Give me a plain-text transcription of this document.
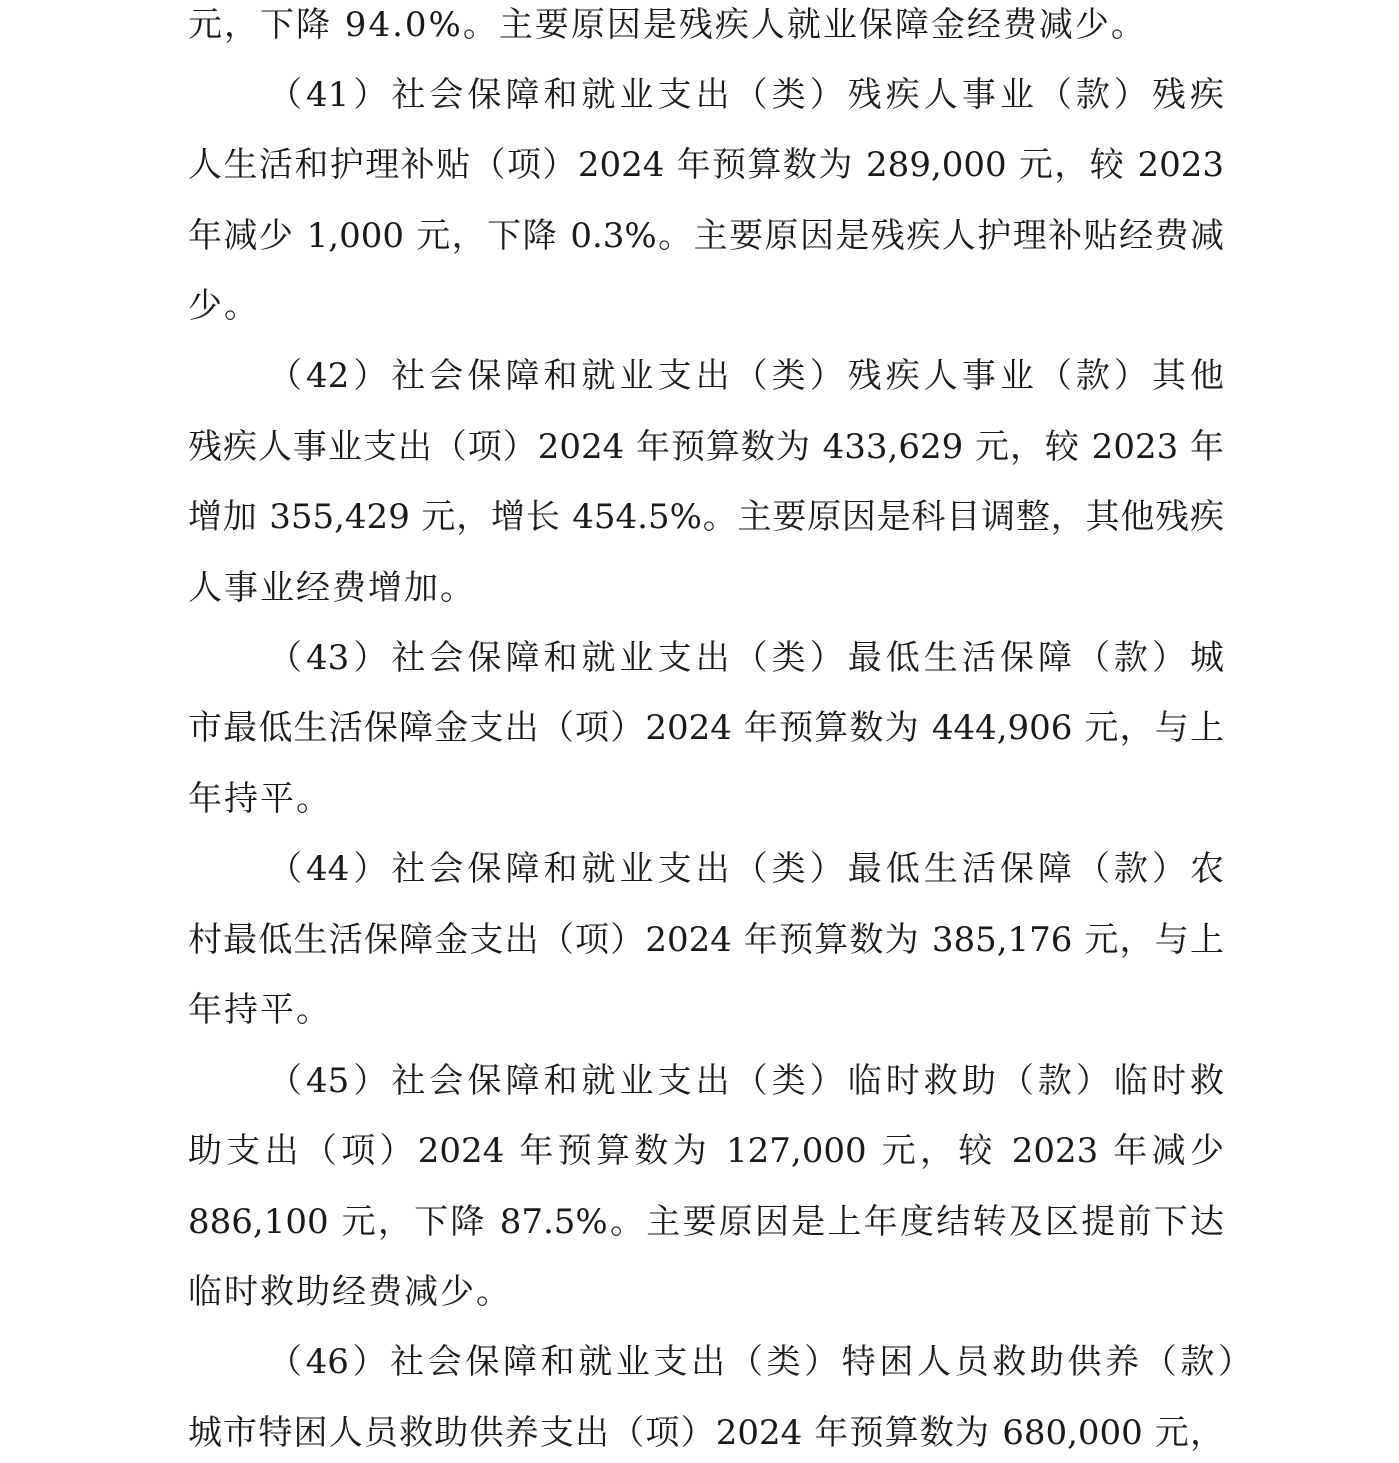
元，下降 94.0%。主要原因是残疾人就业保障金经费减少。
（41）社会保障和就业支出（类）残疾人事业（款）残疾
人生活和护理补贴（项）2024 年预算数为 289,000 元，较 2023
年减少 1,000 元，下降 0.3%。主要原因是残疾人护理补贴经费减
少。
（42）社会保障和就业支出（类）残疾人事业（款）其他
残疾人事业支出（项）2024 年预算数为 433,629 元，较 2023 年
增加 355,429 元，增长 454.5%。主要原因是科目调整，其他残疾
人事业经费增加。
（43）社会保障和就业支出（类）最低生活保障（款）城
市最低生活保障金支出（项）2024 年预算数为 444,906 元，与上
年持平。
（44）社会保障和就业支出（类）最低生活保障（款）农
村最低生活保障金支出（项）2024 年预算数为 385,176 元，与上
年持平。
（45）社会保障和就业支出（类）临时救助（款）临时救
助支出（项）2024 年预算数为 127,000 元，较 2023 年减少
886,100 元，下降 87.5%。主要原因是上年度结转及区提前下达
临时救助经费减少。
（46）社会保障和就业支出（类）特困人员救助供养（款）
城市特困人员救助供养支出（项）2024 年预算数为 680,000 元，
